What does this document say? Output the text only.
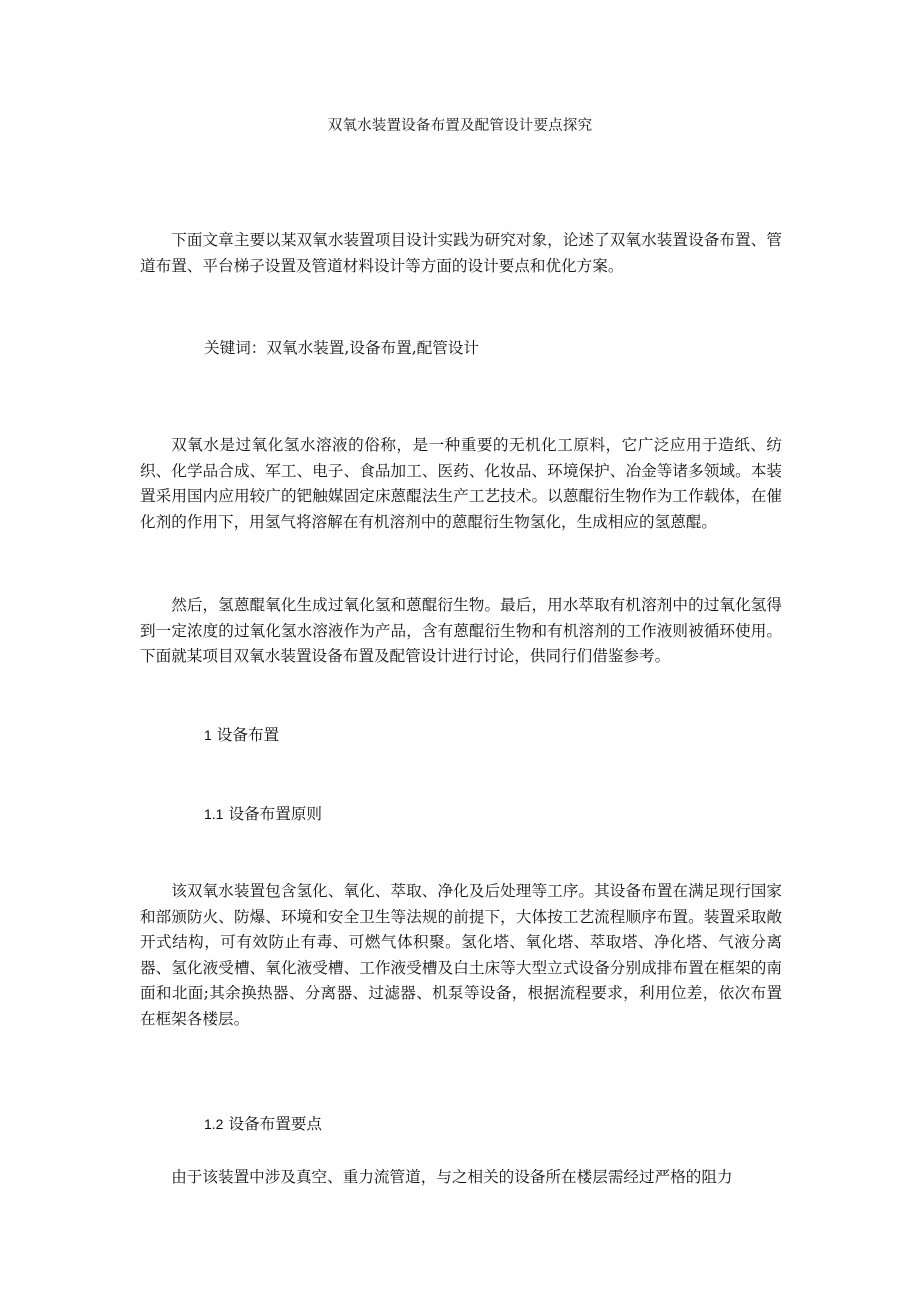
双氧水装置设备布置及配管设计要点探究

下面文章主要以某双氧水装置项目设计实践为研究对象，论述了双氧水装置设备布置、管道布置、平台梯子设置及管道材料设计等方面的设计要点和优化方案。

关键词：双氧水装置,设备布置,配管设计

双氧水是过氧化氢水溶液的俗称，是一种重要的无机化工原料，它广泛应用于造纸、纺织、化学品合成、军工、电子、食品加工、医药、化妆品、环境保护、冶金等诸多领域。本装置采用国内应用较广的钯触媒固定床蒽醌法生产工艺技术。以蒽醌衍生物作为工作载体，在催化剂的作用下，用氢气将溶解在有机溶剂中的蒽醌衍生物氢化，生成相应的氢蒽醌。

然后，氢蒽醌氧化生成过氧化氢和蒽醌衍生物。最后，用水萃取有机溶剂中的过氧化氢得到一定浓度的过氧化氢水溶液作为产品，含有蒽醌衍生物和有机溶剂的工作液则被循环使用。下面就某项目双氧水装置设备布置及配管设计进行讨论，供同行们借鉴参考。

1 设备布置

1.1 设备布置原则

该双氧水装置包含氢化、氧化、萃取、净化及后处理等工序。其设备布置在满足现行国家和部颁防火、防爆、环境和安全卫生等法规的前提下，大体按工艺流程顺序布置。装置采取敞开式结构，可有效防止有毒、可燃气体积聚。氢化塔、氧化塔、萃取塔、净化塔、气液分离器、氢化液受槽、氧化液受槽、工作液受槽及白土床等大型立式设备分别成排布置在框架的南面和北面;其余换热器、分离器、过滤器、机泵等设备，根据流程要求，利用位差，依次布置在框架各楼层。

1.2 设备布置要点

由于该装置中涉及真空、重力流管道，与之相关的设备所在楼层需经过严格的阻力
